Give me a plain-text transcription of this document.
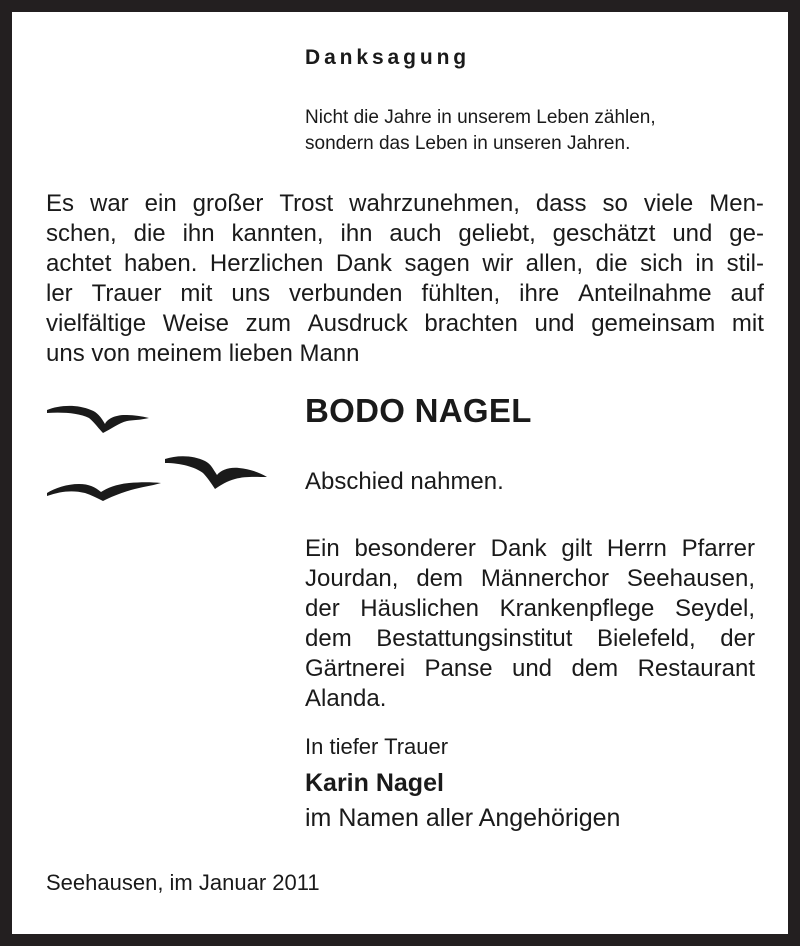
Danksagung
Nicht die Jahre in unserem Leben zählen,
sondern das Leben in unseren Jahren.
Es war ein großer Trost wahrzunehmen, dass so viele Men-
schen, die ihn kannten, ihn auch geliebt, geschätzt und ge-
achtet haben. Herzlichen Dank sagen wir allen, die sich in stil-
ler Trauer mit uns verbunden fühlten, ihre Anteilnahme auf
vielfältige Weise zum Ausdruck brachten und gemeinsam mit
uns von meinem lieben Mann
BODO NAGEL
Abschied nahmen.
Ein besonderer Dank gilt Herrn Pfarrer
Jourdan, dem Männerchor Seehausen,
der Häuslichen Krankenpflege Seydel,
dem Bestattungsinstitut Bielefeld, der
Gärtnerei Panse und dem Restaurant
Alanda.
In tiefer Trauer
Karin Nagel
im Namen aller Angehörigen
Seehausen, im Januar 2011
